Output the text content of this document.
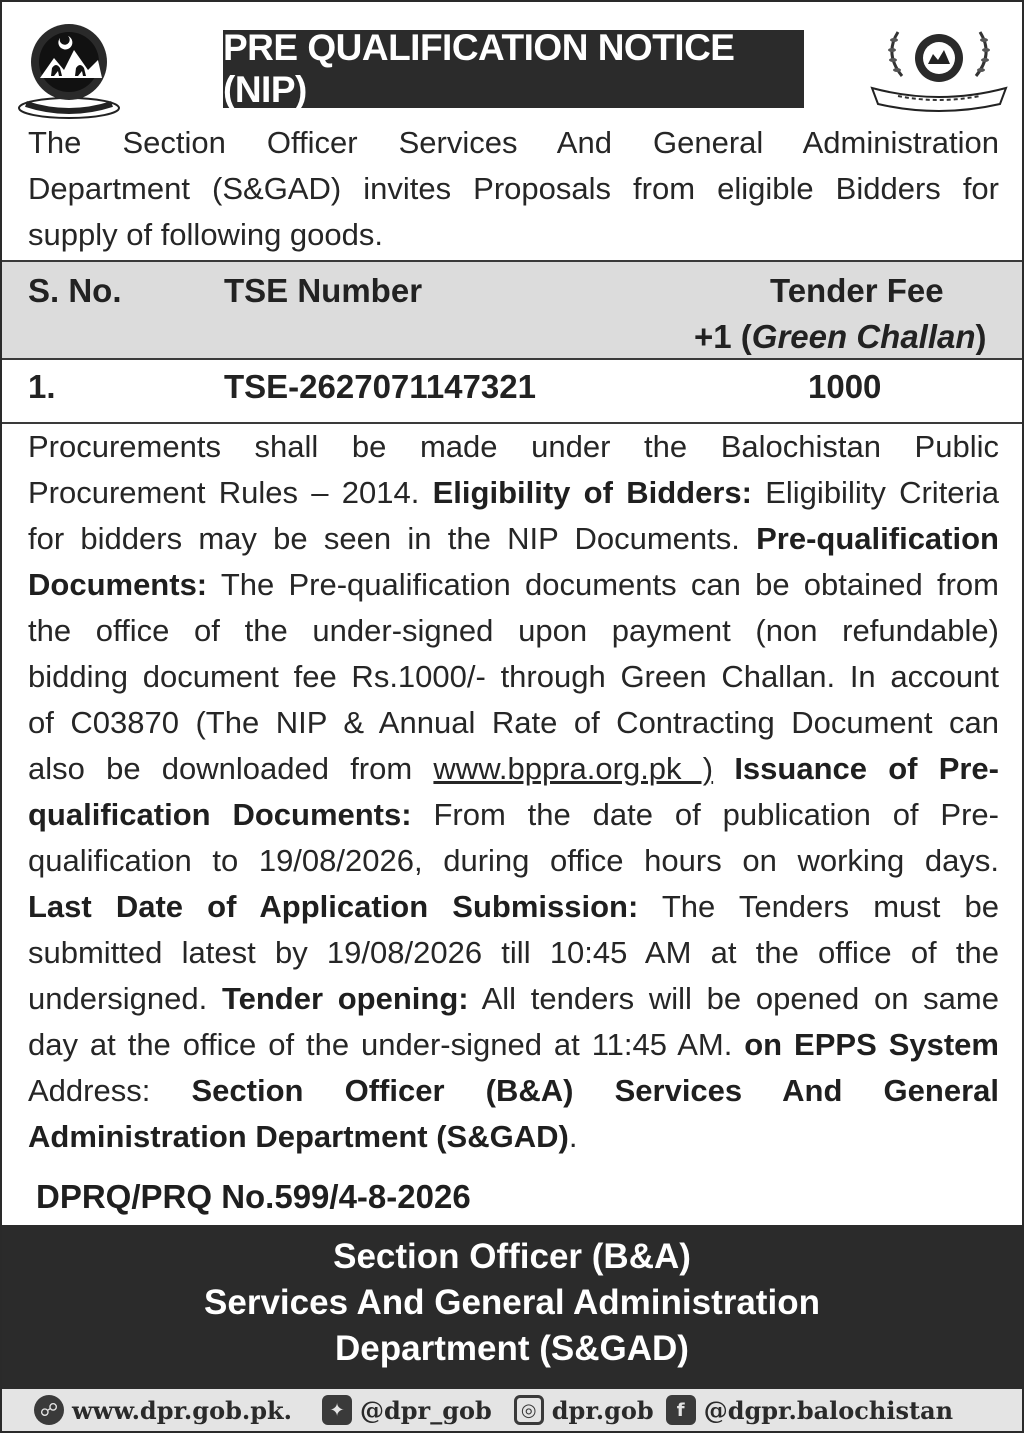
PRE QUALIFICATION NOTICE (NIP)
The Section Officer Services And General Administration
Department (S&GAD) invites Proposals from eligible Bidders for
supply of following goods.
S. No.	TSE Number	Tender Fee
+1 (Green Challan)
1.	TSE-2627071147321	1000
Procurements shall be made under the Balochistan Public
Procurement Rules – 2014. Eligibility of Bidders: Eligibility Criteria
for bidders may be seen in the NIP Documents. Pre-qualification
Documents: The Pre-qualification documents can be obtained from
the office of the under-signed upon payment (non refundable)
bidding document fee Rs.1000/- through Green Challan. In account
of C03870 (The NIP & Annual Rate of Contracting Document can
also be downloaded from www.bppra.org.pk ) Issuance of Pre-
qualification Documents: From the date of publication of Pre-
qualification to 19/08/2026, during office hours on working days.
Last Date of Application Submission: The Tenders must be
submitted latest by 19/08/2026 till 10:45 AM at the office of the
undersigned. Tender opening: All tenders will be opened on same
day at the office of the under-signed at 11:45 AM. on EPPS System
Address: Section Officer (B&A) Services And General
Administration Department (S&GAD).
DPRQ/PRQ No.599/4-8-2026
Section Officer (B&A)
Services And General Administration
Department (S&GAD)
☍ www.dpr.gob.pk.	✦ @dpr_gob	◎ dpr.gob	f @dgpr.balochistan
